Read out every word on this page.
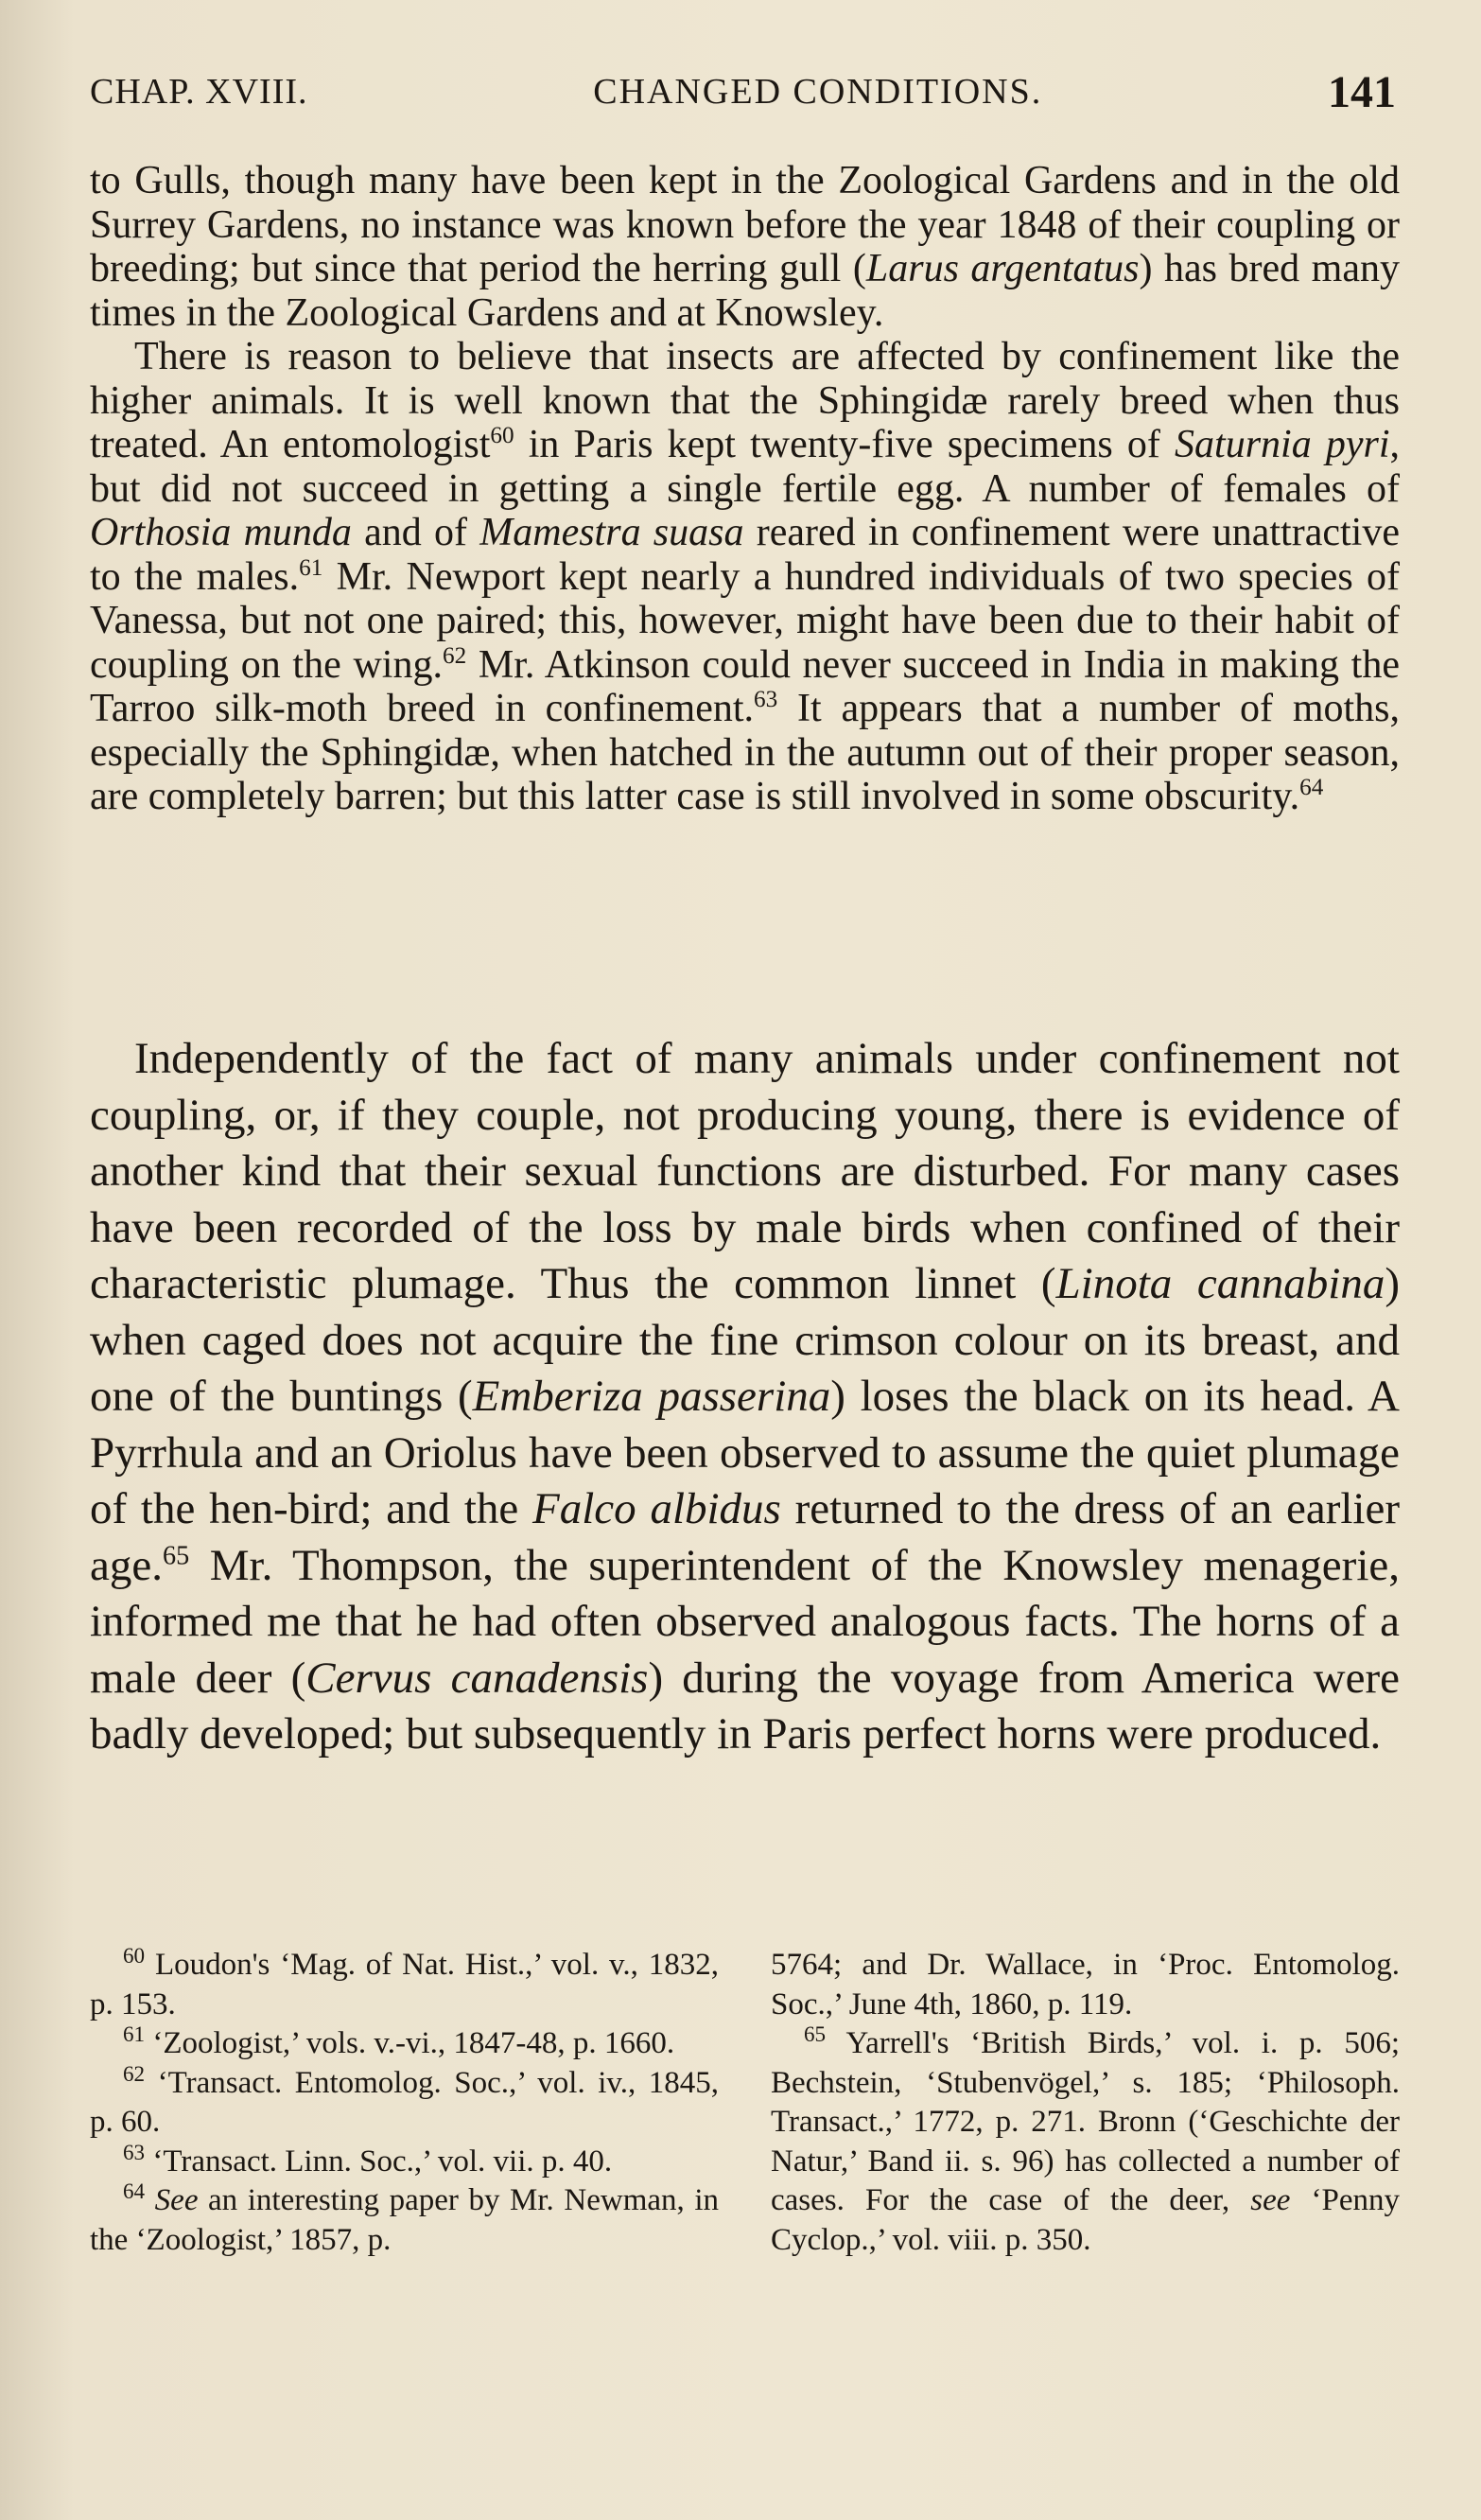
CHAP. XVIII.	CHANGED CONDITIONS.	141

to Gulls, though many have been kept in the Zoological Gardens and in the old Surrey Gardens, no instance was known before the year 1848 of their coupling or breeding; but since that period the herring gull (Larus argentatus) has bred many times in the Zoological Gardens and at Knowsley.

There is reason to believe that insects are affected by confinement like the higher animals. It is well known that the Sphingidæ rarely breed when thus treated. An entomologist$^{60}$ in Paris kept twenty-five specimens of Saturnia pyri, but did not succeed in getting a single fertile egg. A number of females of Orthosia munda and of Mamestra suasa reared in confinement were unattractive to the males.$^{61}$ Mr. Newport kept nearly a hundred individuals of two species of Vanessa, but not one paired; this, however, might have been due to their habit of coupling on the wing.$^{62}$ Mr. Atkinson could never succeed in India in making the Tarroo silk-moth breed in confinement.$^{63}$ It appears that a number of moths, especially the Sphingidæ, when hatched in the autumn out of their proper season, are completely barren; but this latter case is still involved in some obscurity.$^{64}$

Independently of the fact of many animals under confinement not coupling, or, if they couple, not producing young, there is evidence of another kind that their sexual functions are disturbed. For many cases have been recorded of the loss by male birds when confined of their characteristic plumage. Thus the common linnet (Linota cannabina) when caged does not acquire the fine crimson colour on its breast, and one of the buntings (Emberiza passerina) loses the black on its head. A Pyrrhula and an Oriolus have been observed to assume the quiet plumage of the hen-bird; and the Falco albidus returned to the dress of an earlier age.$^{65}$ Mr. Thompson, the superintendent of the Knowsley menagerie, informed me that he had often observed analogous facts. The horns of a male deer (Cervus canadensis) during the voyage from America were badly developed; but subsequently in Paris perfect horns were produced.

$^{60}$ Loudon's ‘Mag. of Nat. Hist.,’ vol. v., 1832, p. 153.

$^{61}$ ‘Zoologist,’ vols. v.-vi., 1847-48, p. 1660.

$^{62}$ ‘Transact. Entomolog. Soc.,’ vol. iv., 1845, p. 60.

$^{63}$ ‘Transact. Linn. Soc.,’ vol. vii. p. 40.

$^{64}$ See an interesting paper by Mr. Newman, in the ‘Zoologist,’ 1857, p.

5764; and Dr. Wallace, in ‘Proc. Entomolog. Soc.,’ June 4th, 1860, p. 119.

$^{65}$ Yarrell's ‘British Birds,’ vol. i. p. 506; Bechstein, ‘Stubenvögel,’ s. 185; ‘Philosoph. Transact.,’ 1772, p. 271. Bronn (‘Geschichte der Natur,’ Band ii. s. 96) has collected a number of cases. For the case of the deer, see ‘Penny Cyclop.,’ vol. viii. p. 350.
